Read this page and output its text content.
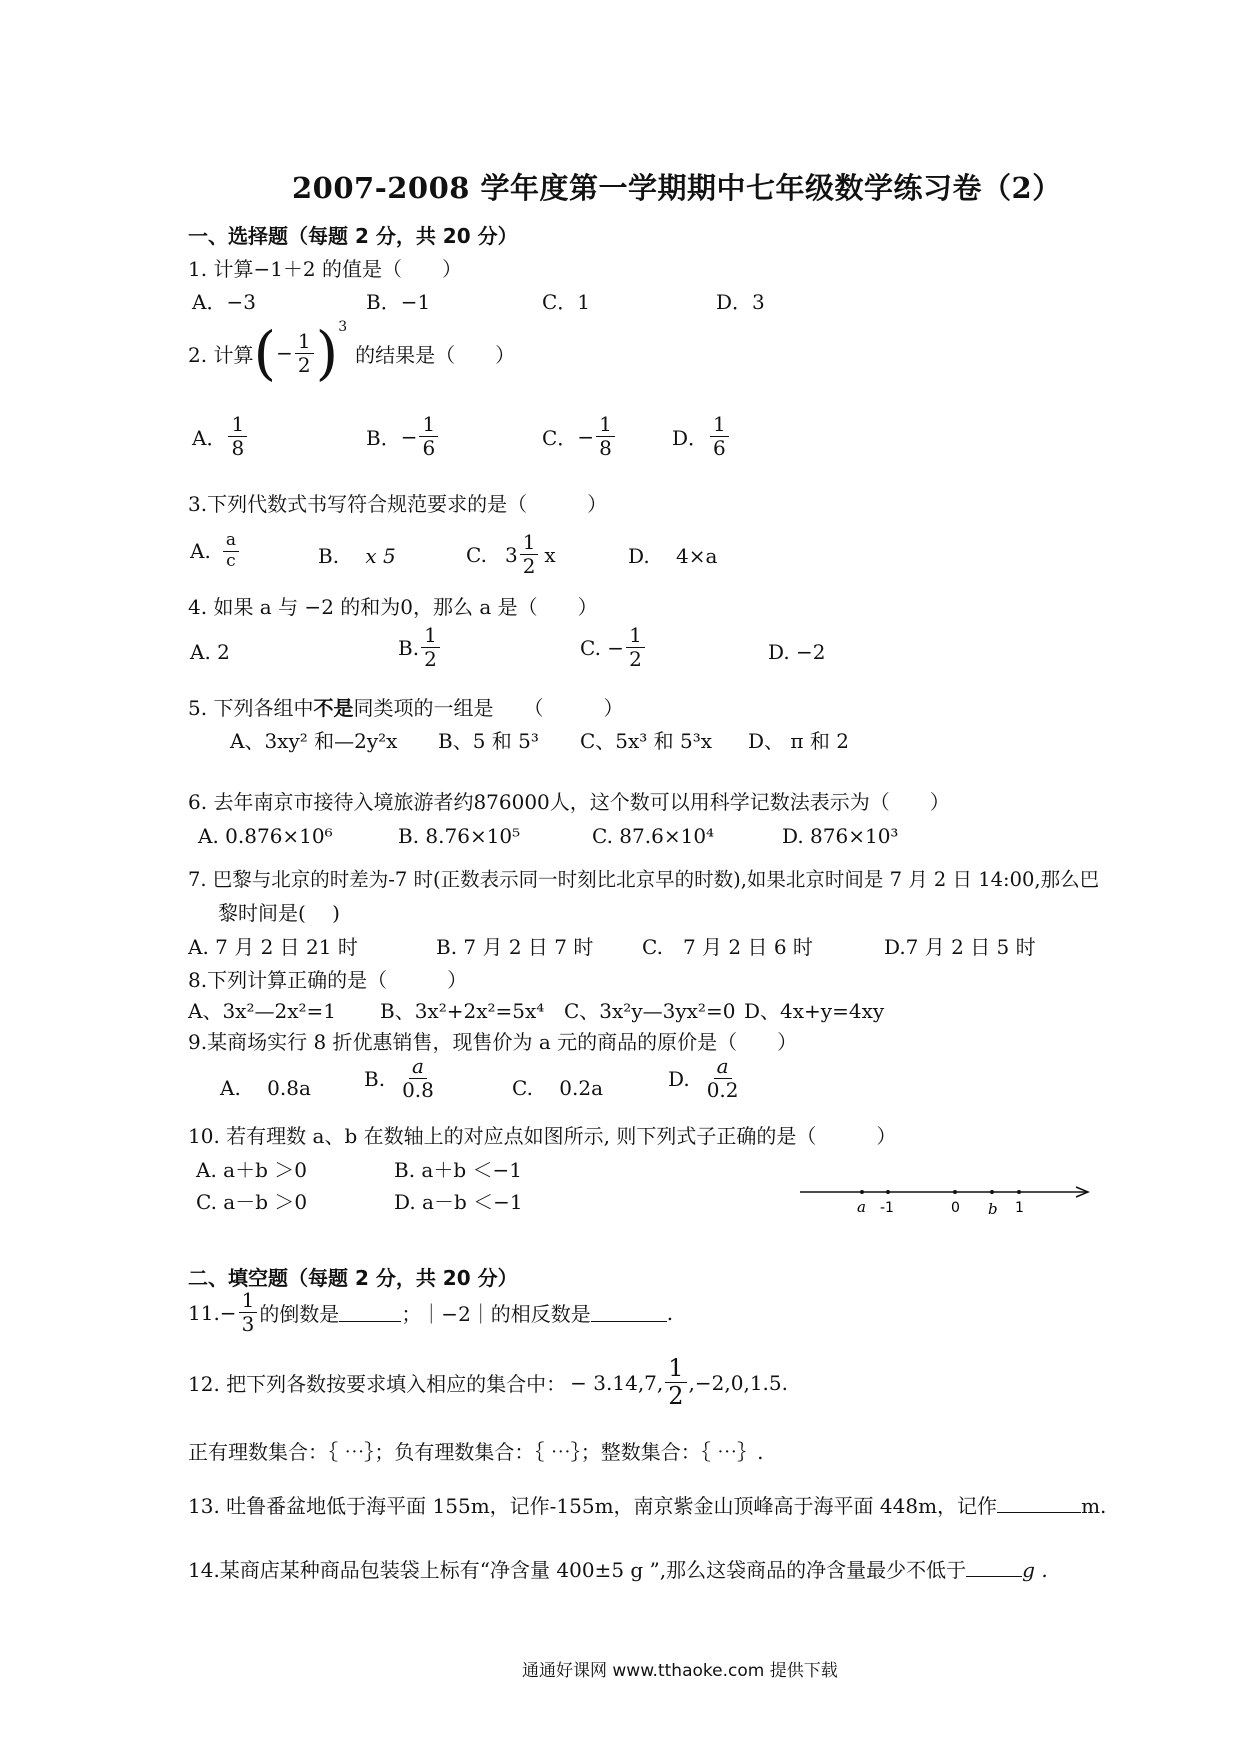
2007-2008 学年度第一学期期中七年级数学练习卷（2）
一、选择题（每题 2 分，共 20 分）
1. 计算−1＋2 的值是（　　）
A．−3	B．−1	C．1	D．3
2. 计算 ( − $\frac{1}{2}$ ) 3
的结果是（　　）
A． $\frac{1}{8}$	B． − $\frac{1}{6}$	C． − $\frac{1}{8}$	D． $\frac{1}{6}$
3.下列代数式书写符合规范要求的是（　　　）
A. $\frac{a}{c}$	B. x 5	C. $3 \frac{1}{2}$ x	D. 4×a
4. 如果 a 与 −2 的和为0，那么 a 是（　　）
A. 2	B. $\frac{1}{2}$	C. − $\frac{1}{2}$	D. −2
5. 下列各组中不是同类项的一组是　　（　　　）
A、3xy² 和—2y²x B、5 和 5³ C、5x³ 和 5³x D、 π 和 2
6. 去年南京市接待入境旅游者约876000人，这个数可以用科学记数法表示为（　　）
A. 0.876×10⁶	B. 8.76×10⁵	C. 87.6×10⁴	D. 876×10³
7. 巴黎与北京的时差为-7 时(正数表示同一时刻比北京早的时数),如果北京时间是 7 月 2 日 14:00,那么巴
黎时间是(　 )
A. 7 月 2 日 21 时	B. 7 月 2 日 7 时 C.　7 月 2 日 6 时	D.7 月 2 日 5 时
8.下列计算正确的是（　　　）
A、3x²—2x²=1 B、3x²+2x²=5x⁴ C、3x²y—3yx²=0 D、4x+y=4xy
9.某商场实行 8 折优惠销售，现售价为 a 元的商品的原价是（　　）
A.　 0.8a	B. $\frac{a}{0.8}$	C.　 0.2a	D. $\frac{a}{0.2}$
10. 若有理数 a、b 在数轴上的对应点如图所示, 则下列式子正确的是（　　　）
A. a＋b ＞0	B. a＋b ＜−1
C. a－b ＞0	D. a－b ＜−1	a -1	0 b 1
二、填空题（每题 2 分，共 20 分）
$11.- \frac{1}{3}$ 的倒数是	；｜−2｜的相反数是	.
12. 把下列各数按要求填入相应的集合中： − 3.14,7, $\frac{1}{2} ,-2,0,1.5$.
正有理数集合：｛ ⋯｝；负有理数集合：｛ ⋯｝；整数集合：｛ ⋯｝.
13. 吐鲁番盆地低于海平面 155m，记作-155m，南京紫金山顶峰高于海平面 448m，记作	m.
14.某商店某种商品包装袋上标有“净含量 400±5 g ”,那么这袋商品的净含量最少不低于	g .
通通好课网 www.tthaoke.com 提供下载
